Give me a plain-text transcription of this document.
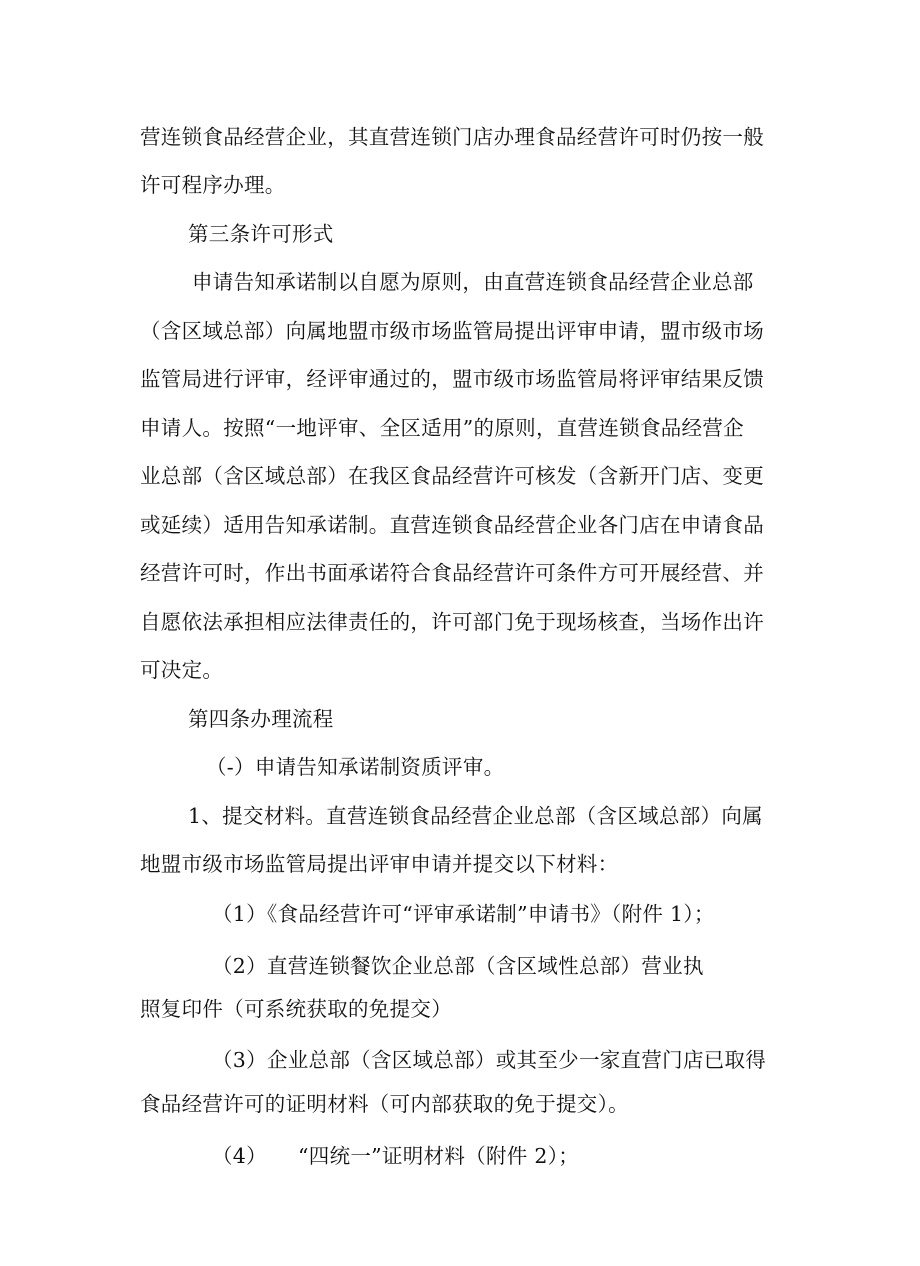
营连锁食品经营企业，其直营连锁门店办理食品经营许可时仍按一般
许可程序办理。
第三条许可形式
申请告知承诺制以自愿为原则，由直营连锁食品经营企业总部
（含区域总部）向属地盟市级市场监管局提出评审申请，盟市级市场
监管局进行评审，经评审通过的，盟市级市场监管局将评审结果反馈
申请人。按照“一地评审、全区适用”的原则，直营连锁食品经营企
业总部（含区域总部）在我区食品经营许可核发（含新开门店、变更
或延续）适用告知承诺制。直营连锁食品经营企业各门店在申请食品
经营许可时，作出书面承诺符合食品经营许可条件方可开展经营、并
自愿依法承担相应法律责任的，许可部门免于现场核查，当场作出许
可决定。
第四条办理流程
（-）申请告知承诺制资质评审。
1、提交材料。直营连锁食品经营企业总部（含区域总部）向属
地盟市级市场监管局提出评审申请并提交以下材料：
（1）《食品经营许可“评审承诺制”申请书》（附件 1）；
（2）直营连锁餐饮企业总部（含区域性总部）营业执
照复印件（可系统获取的免提交）
（3）企业总部（含区域总部）或其至少一家直营门店已取得
食品经营许可的证明材料（可内部获取的免于提交）。
（4） “四统一”证明材料（附件 2）；
